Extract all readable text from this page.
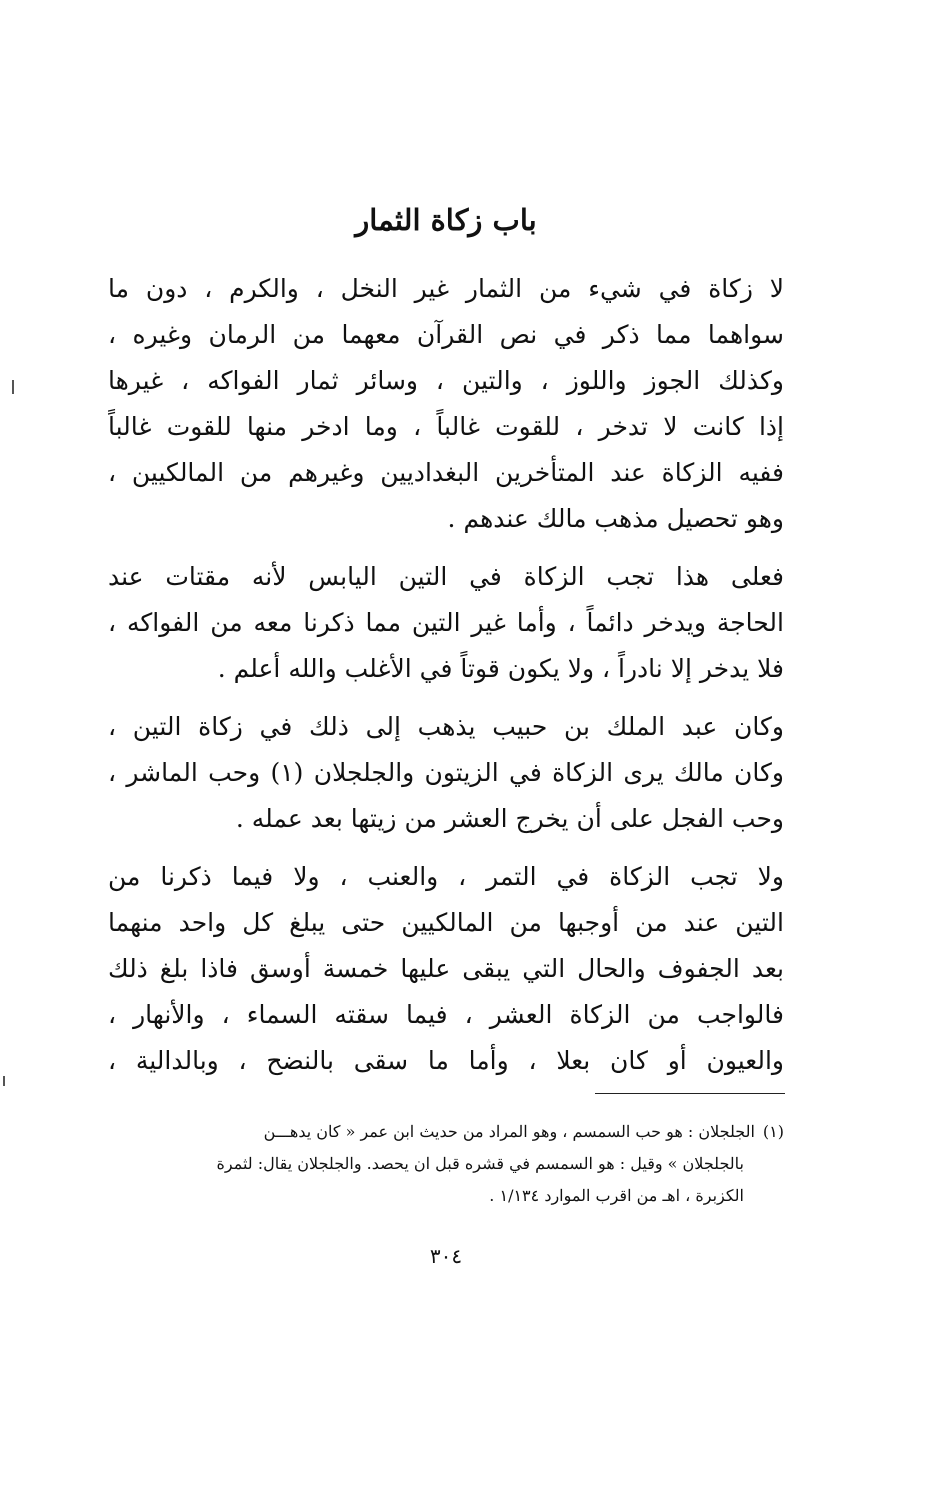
باب زكاة الثمار
لا زكاة في شيء من الثمار غير النخل ، والكرم ، دون ما
سواهما مما ذكر في نص القرآن معهما من الرمان وغيره ،
وكذلك الجوز واللوز ، والتين ، وسائر ثمار الفواكه ، غيرها
إذا كانت لا تدخر ، للقوت غالباً ، وما ادخر منها للقوت غالباً
ففيه الزكاة عند المتأخرين البغداديين وغيرهم من المالكيين ،
وهو تحصيل مذهب مالك عندهم .
فعلى هذا تجب الزكاة في التين اليابس لأنه مقتات عند
الحاجة ويدخر دائماً ، وأما غير التين مما ذكرنا معه من الفواكه ،
فلا يدخر إلا نادراً ، ولا يكون قوتاً في الأغلب والله أعلم .
وكان عبد الملك بن حبيب يذهب إلى ذلك في زكاة التين ،
وكان مالك يرى الزكاة في الزيتون والجلجلان (١) وحب الماشر ،
وحب الفجل على أن يخرج العشر من زيتها بعد عمله .
ولا تجب الزكاة في التمر ، والعنب ، ولا فيما ذكرنا من
التين عند من أوجبها من المالكيين حتى يبلغ كل واحد منهما
بعد الجفوف والحال التي يبقى عليها خمسة أوسق فاذا بلغ ذلك
فالواجب من الزكاة العشر ، فيما سقته السماء ، والأنهار ،
والعيون أو كان بعلا ، وأما ما سقى بالنضح ، وبالدالية ،
(١)الجلجلان : هو حب السمسم ، وهو المراد من حديث ابن عمر « كان يدهـــن
بالجلجلان » وقيل : هو السمسم في قشره قبل ان يحصد. والجلجلان يقال: لثمرة
الكزبرة ، اهـ من اقرب الموارد ١/١٣٤ .
٣٠٤
